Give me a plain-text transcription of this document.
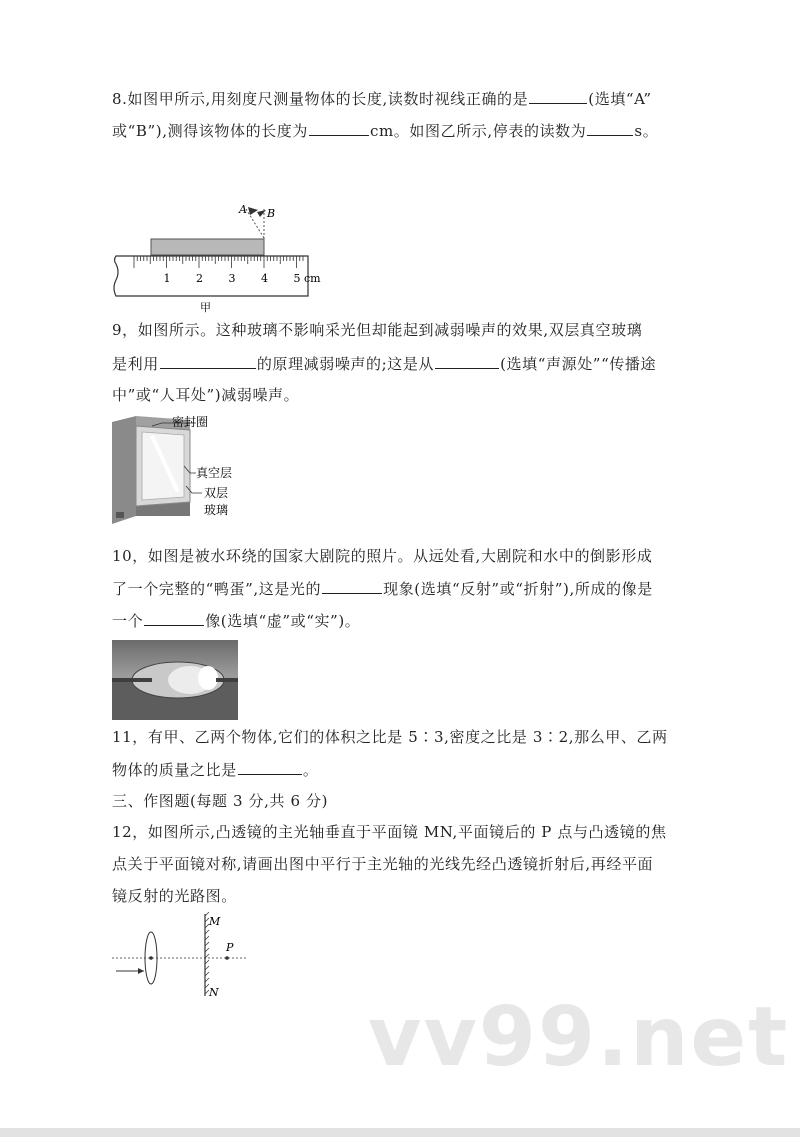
8.如图甲所示,用刻度尺测量物体的长度,读数时视线正确的是	(选填“A”
或“B”),测得该物体的长度为	cm。如图乙所示,停表的读数为	s。
A B
1 2 3 4 5 cm
甲
9，如图所示。这种玻璃不影响采光但却能起到减弱噪声的效果,双层真空玻璃
是利用	的原理减弱噪声的;这是从	(选填“声源处”“传播途
中”或“人耳处”)减弱噪声。
密封圈
真空层
双层
玻璃
10，如图是被水环绕的国家大剧院的照片。从远处看,大剧院和水中的倒影形成
了一个完整的“鸭蛋”,这是光的	现象(选填“反射”或“折射”),所成的像是
一个	像(选填“虚”或“实”)。
11，有甲、乙两个物体,它们的体积之比是 5∶3,密度之比是 3∶2,那么甲、乙两
物体的质量之比是	。
三、作图题(每题 3 分,共 6 分)
12，如图所示,凸透镜的主光轴垂直于平面镜 MN,平面镜后的 P 点与凸透镜的焦
点关于平面镜对称,请画出图中平行于主光轴的光线先经凸透镜折射后,再经平面
镜反射的光路图。
M
N
P
vv99.net
